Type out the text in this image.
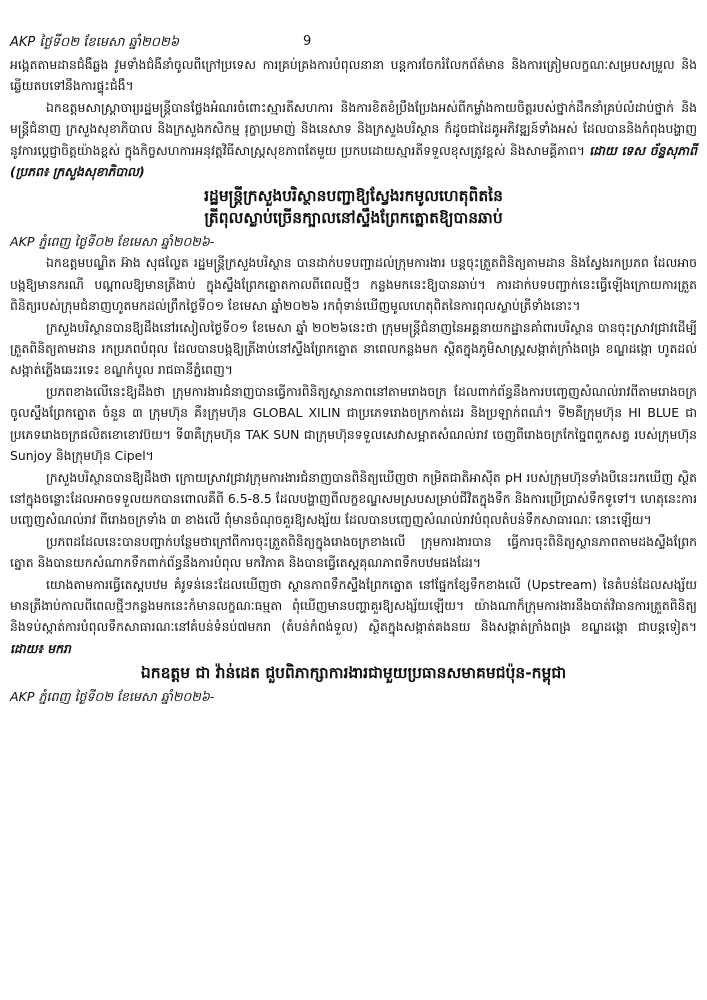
AKP ថ្ងៃទី០២ ខែមេសា ឆ្នាំ២០២៦	9

អង្កេតតាមដានជំងឺឆ្លង វូមទាំងជំងឺនាំចូលពីក្រៅប្រទេស ការគ្រប់គ្រងការបំពុលនានា បន្តការចែករំលែកព័ត៌មាន និងការត្រៀមលក្ខណៈសម្របសម្រួល និងឆ្លើយតបទៅនឹងការផ្ទុះជំងឺ។

ឯកឧត្តមសាស្ត្រាចារ្យរដ្ឋមន្ត្រីបានថ្លែងអំណរចំពោះស្មារតីសហការ និងការខិតខំប្រឹងប្រែងអស់ពីកម្លាំងកាយចិត្តរបស់ថ្នាក់ដឹកនាំគ្រប់លំដាប់ថ្នាក់ និងមន្ត្រីជំនាញ ក្រសួងសុខាភិបាល និងក្រសួងកសិកម្ម រុក្ខាប្រមាញ់ និងនេសាទ និងក្រសួងបរិស្ថាន ក៏ដូចជាដៃគូអភិវឌ្ឍន៍ទាំងអស់ ដែលបាននិងកំពុងបង្ហាញនូវការប្តេជ្ញាចិត្តយ៉ាងខ្ពស់ ក្នុងកិច្ចសហការអនុវត្តវិធីសាស្ត្រសុខភាពតែមួយ ប្រកបដោយស្មារតីទទួលខុសត្រូវខ្ពស់ និងសាមគ្គីភាព។ ដោយ ទេស ច័ន្ទសុភាពី (ប្រភព៖ ក្រសួងសុខាភិបាល)

រដ្ឋមន្ត្រីក្រសួងបរិស្ថានបញ្ជាឱ្យស្វែងរកមូលហេតុពិតនៃ
ត្រីពុលស្លាប់ច្រើនក្បាលនៅស្ទឹងព្រែកត្នោតឱ្យបានឆាប់
AKP ភ្នំពេញ ថ្ងៃទី០២ ខែមេសា ឆ្នាំ២០២៦-

ឯកឧត្តមបណ្ឌិត អ៊ាង សុផល្លែត រដ្ឋមន្ត្រីក្រសួងបរិស្ថាន បានដាក់បទបញ្ជាដល់ក្រុមការងារ បន្តចុះត្រួតពិនិត្យតាមដាន និងស្វែងរកប្រភព ដែលអាចបង្កឱ្យមានករណី បណ្តាលឱ្យមានត្រីងាប់ ក្នុងស្ទឹងព្រែកត្នោតកាលពីពេលថ្មីៗ កន្លងមកនេះឱ្យបានឆាប់។ ការដាក់បទបញ្ជាក់នេះធ្វើឡើងក្រោយការត្រួតពិនិត្យរបស់ក្រុមជំនាញហូតមកដល់ព្រឹកថ្ងៃទី០១ ខែមេសា ឆ្នាំ២០២៦ រកពុំទាន់ឃើញមូលហេតុពិតនៃការពុលស្លាប់ត្រីទាំងនោះ។

ក្រសួងបរិស្ថានបានឱ្យដឹងនៅរសៀលថ្ងៃទី០១ ខែមេសា ឆ្នាំ ២០២៦នេះថា ក្រុមមន្ត្រីជំនាញនៃអគ្គនាយកដ្ឋានគាំពារបរិស្ថាន បានចុះស្រាវជ្រាវដើម្បីត្រួតពិនិត្យតាមដាន រកប្រភពបំពុល ដែលបានបង្កឱ្យត្រីងាប់នៅស្ទឹងព្រែកត្នោត នាពេលកន្លងមក ស្ថិតក្នុងភូមិសាស្ត្រសង្កាត់ក្រាំងពង្រ ខណ្ឌដង្កោ ហូតដល់សង្កាត់ភ្លើងឆេះរទេះ ខណ្ឌកំបូល រាជធានីភ្នំពេញ។

ប្រភពខាងលើនេះឱ្យដឹងថា ក្រុមការងារជំនាញបានធ្វើការពិនិត្យស្ថានភាពនៅតាមរោងចក្រ ដែលពាក់ព័ន្ធនឹងការបញ្ចេញសំណល់រាវពីតាមរោងចក្រ ចូលស្ទឹងព្រែកត្នោត ចំនួន ៣ ក្រុមហ៊ុន គឺ៖ក្រុមហ៊ុន GLOBAL XILIN ជាប្រភេទរោងចក្រកាត់ដេរ និងប្រឡាក់ពណ៌។ ទី២គឺក្រុមហ៊ុន HI BLUE ជាប្រភេទរោងចក្រផលិតខោខោវប៊យ។ ទី៣គឺក្រុមហ៊ុន TAK SUN ជាក្រុមហ៊ុនទទួលសេវាសម្អាតសំណល់រាវ ចេញពីរោងចក្រកែច្នៃពពួកសត្វ របស់ក្រុមហ៊ុន Sunjoy និងក្រុមហ៊ុន Cipel។

ក្រសួងបរិស្ថានបានឱ្យដឹងថា ក្រោយស្រាវជ្រាវក្រុមការងារជំនាញបានពិនិត្យឃើញថា កម្រិតជាតិអាស៊ីត pH របស់ក្រុមហ៊ុនទាំងបីនេះរកឃើញ ស្ថិតនៅក្នុងចន្លោះដែលអាចទទួលយកបានពោលគឺពី 6.5-8.5 ដែលបង្ហាញពីលក្ខខណ្ឌសមស្របសម្រាប់ជីវិតក្នុងទឹក និងការប្រើប្រាស់ទឹកទូទៅ។ ហេតុនេះការបញ្ចេញសំណល់រាវ ពីរោងចក្រទាំង ៣ ខាងលើ ពុំមានចំណុចគួរឱ្យសង្ស័យ ដែលបានបញ្ចេញសំណល់រាវបំពុលតំបន់ទឹកសាធារណៈ នោះឡើយ។

ប្រភពដដែលនេះបានបញ្ជាក់បន្ថែមថាក្រៅពីការចុះត្រួតពិនិត្យក្នុងរោងចក្រខាងលើ ក្រុមការងារបាន ធ្វើការចុះពិនិត្យស្ថានភាពតាមដងស្ទឹងព្រែកត្នោត និងបានយកសំណាកទឹកពាក់ព័ន្ធនឹងការបំពុល មកវិភាគ និងបានធ្វើតេស្តគុណភាពទឹកបឋមផងដែរ។

យោងតាមការធ្វើតេស្តបឋម គំរូទន់នេះដែលឃើញថា ស្ថានភាពទឹកស្ទឹងព្រែកត្នោត នៅផ្នែកខ្សែទឹកខាងលើ (Upstream) នៃតំបន់ដែលសង្ស័យមានត្រីងាប់កាលពីពេលថ្មីៗកន្លងមកនេះកំមានលក្ខណៈធម្មតា ពុំឃើញមានបញ្ហាគួរឱ្យសង្ស័យឡើយ។ យ៉ាងណាក៏ក្រុមការងារនឹងបាត់វិធានការត្រួតពិនិត្យ និងទប់ស្កាត់ការបំពុលទឹកសាធារណៈនៅគំបន់ទំនប់៧មករា (តំបន់កំពង់ទួល) ស្ថិតក្នុងសង្កាត់គងនយ និងសង្កាត់ក្រាំងពង្រ ខណ្ឌដង្កោ ជាបន្តទៀត។ ដោយ៖ មករា

ឯកឧត្តម ជា វ៉ាន់ដេត ជួបពិភាក្សាការងារជាមួយប្រធានសមាគមជប៉ុន-កម្ពុជា
AKP ភ្នំពេញ ថ្ងៃទី០២ ខែមេសា ឆ្នាំ២០២៦-
